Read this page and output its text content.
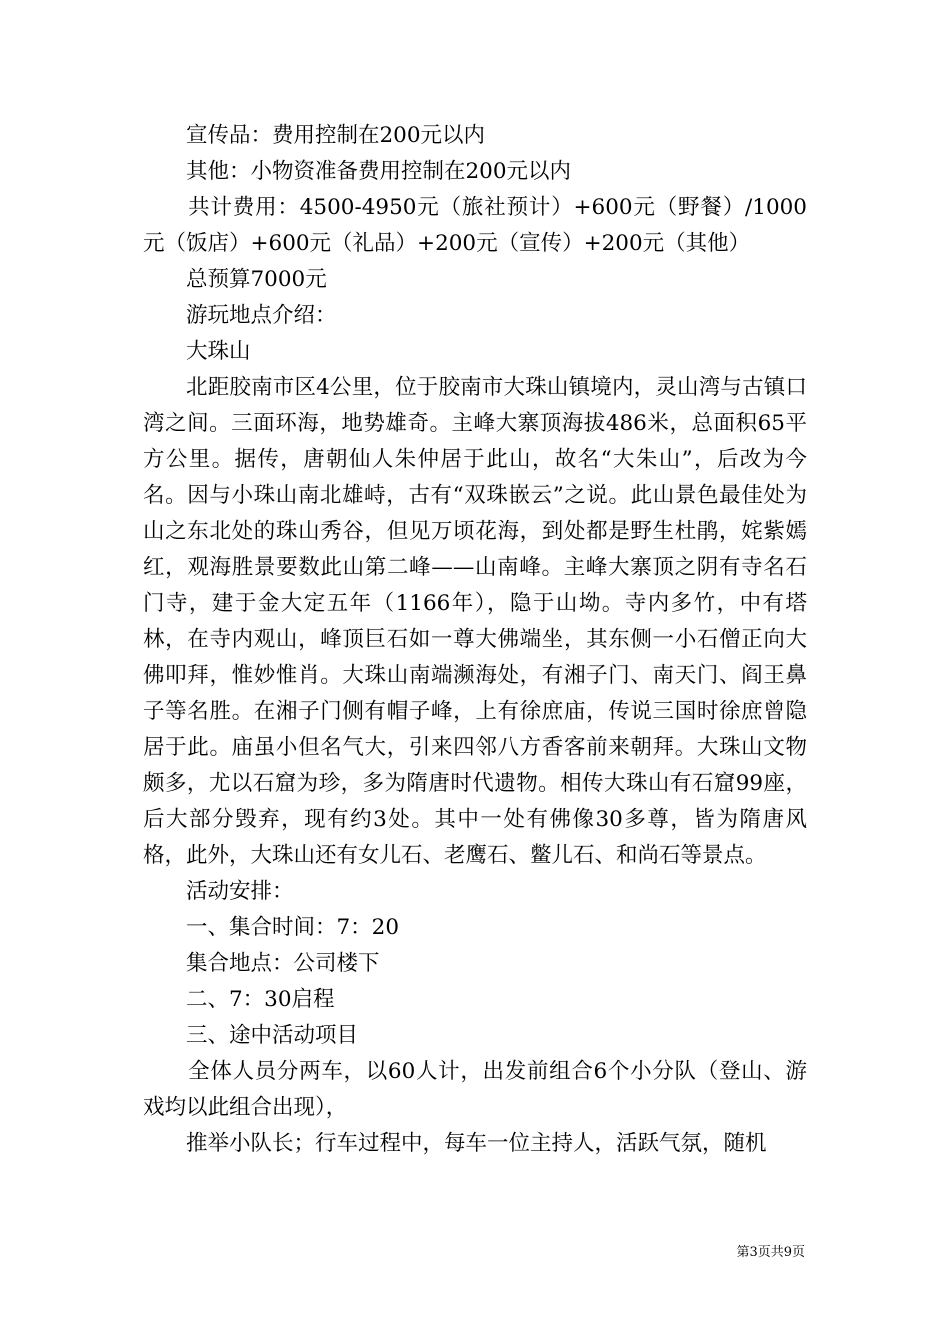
宣传品：费用控制在200元以内

其他：小物资准备费用控制在200元以内

共计费用：4500-4950元（旅社预计）+600元（野餐）/1000元（饭店）+600元（礼品）+200元（宣传）+200元（其他）

总预算7000元

游玩地点介绍：

大珠山

北距胶南市区4公里，位于胶南市大珠山镇境内，灵山湾与古镇口湾之间。三面环海，地势雄奇。主峰大寨顶海拔486米，总面积65平方公里。据传，唐朝仙人朱仲居于此山，故名“大朱山”，后改为今名。因与小珠山南北雄峙，古有“双珠嵌云”之说。此山景色最佳处为山之东北处的珠山秀谷，但见万顷花海，到处都是野生杜鹃，姹紫嫣红，观海胜景要数此山第二峰——山南峰。主峰大寨顶之阴有寺名石门寺，建于金大定五年（1166年），隐于山坳。寺内多竹，中有塔林，在寺内观山，峰顶巨石如一尊大佛端坐，其东侧一小石僧正向大佛叩拜，惟妙惟肖。大珠山南端濒海处，有湘子门、南天门、阎王鼻子等名胜。在湘子门侧有帽子峰，上有徐庶庙，传说三国时徐庶曾隐居于此。庙虽小但名气大，引来四邻八方香客前来朝拜。大珠山文物颇多，尤以石窟为珍，多为隋唐时代遗物。相传大珠山有石窟99座，后大部分毁弃，现有约3处。其中一处有佛像30多尊，皆为隋唐风格，此外，大珠山还有女儿石、老鹰石、鳖儿石、和尚石等景点。

活动安排：

一、集合时间：7：20

集合地点：公司楼下

二、7：30启程

三、途中活动项目

全体人员分两车，以60人计，出发前组合6个小分队（登山、游戏均以此组合出现），

推举小队长；行车过程中，每车一位主持人，活跃气氛，随机

第3页共9页
